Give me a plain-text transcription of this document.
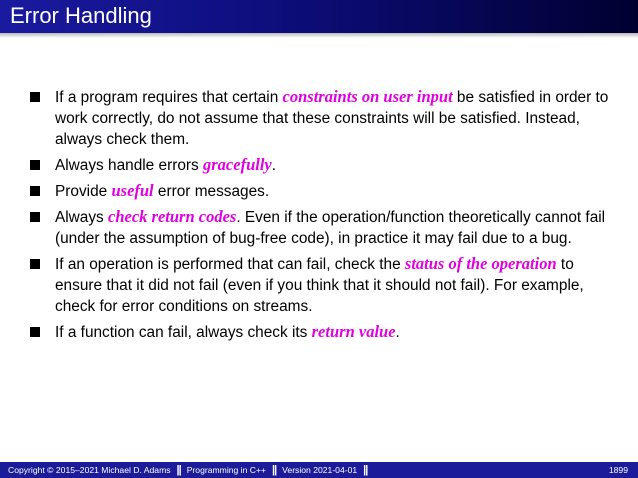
Error Handling
If a program requires that certain constraints on user input be satisfied in order to work correctly, do not assume that these constraints will be satisfied. Instead, always check them.
Always handle errors gracefully.
Provide useful error messages.
Always check return codes. Even if the operation/function theoretically cannot fail (under the assumption of bug-free code), in practice it may fail due to a bug.
If an operation is performed that can fail, check the status of the operation to ensure that it did not fail (even if you think that it should not fail). For example, check for error conditions on streams.
If a function can fail, always check its return value.
Copyright © 2015–2021 Michael D. Adams || Programming in C++ || Version 2021-04-01 ||	1899
